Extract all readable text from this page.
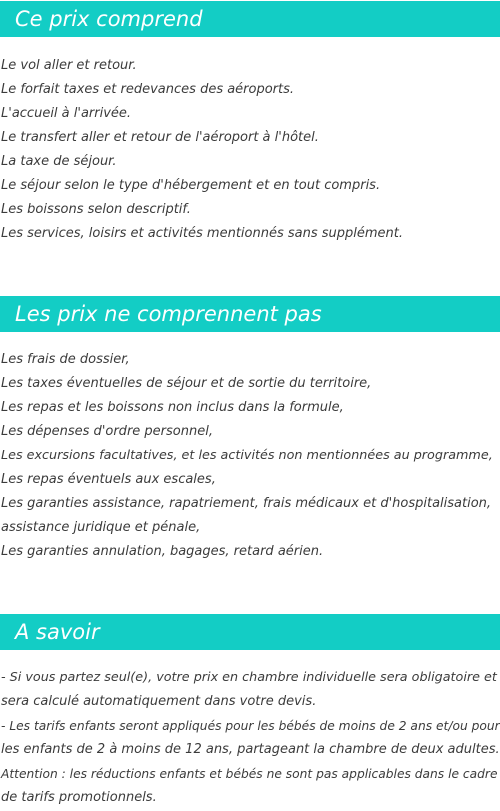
Ce prix comprend
Le vol aller et retour.
Le forfait taxes et redevances des aéroports.
L'accueil à l'arrivée.
Le transfert aller et retour de l'aéroport à l'hôtel.
La taxe de séjour.
Le séjour selon le type d'hébergement et en tout compris.
Les boissons selon descriptif.
Les services, loisirs et activités mentionnés sans supplément.
Les prix ne comprennent pas
Les frais de dossier,
Les taxes éventuelles de séjour et de sortie du territoire,
Les repas et les boissons non inclus dans la formule,
Les dépenses d'ordre personnel,
Les excursions facultatives, et les activités non mentionnées au programme,
Les repas éventuels aux escales,
Les garanties assistance, rapatriement, frais médicaux et d'hospitalisation,
assistance juridique et pénale,
Les garanties annulation, bagages, retard aérien.
A savoir
- Si vous partez seul(e), votre prix en chambre individuelle sera obligatoire et
sera calculé automatiquement dans votre devis.
- Les tarifs enfants seront appliqués pour les bébés de moins de 2 ans et/ou pour
les enfants de 2 à moins de 12 ans, partageant la chambre de deux adultes.
Attention : les réductions enfants et bébés ne sont pas applicables dans le cadre
de tarifs promotionnels.
